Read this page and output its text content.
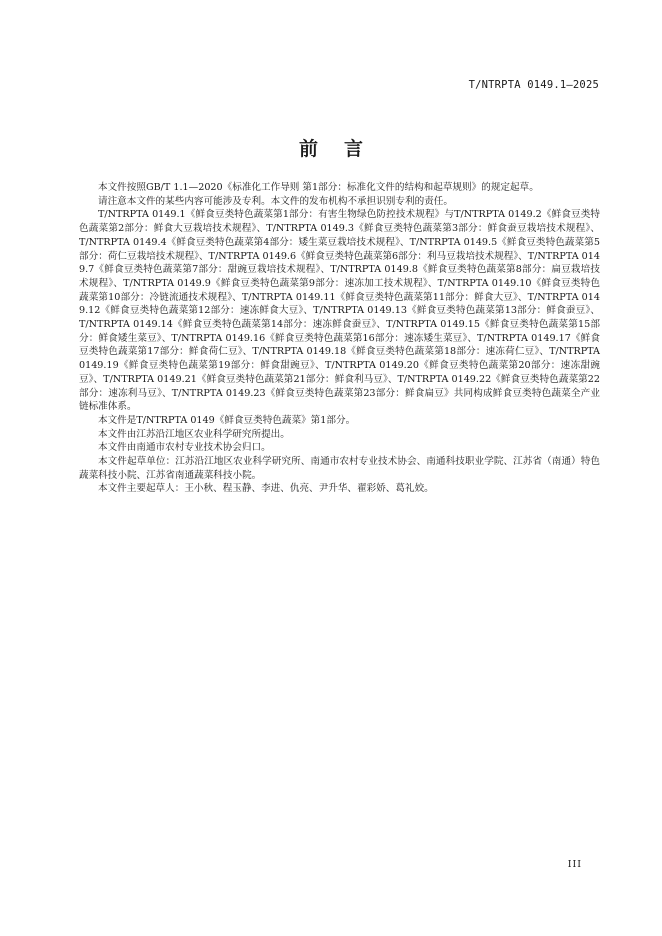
T/NTRPTA 0149.1—2025
前言

本文件按照GB/T 1.1—2020《标准化工作导则 第1部分：标准化文件的结构和起草规则》的规定起草。

请注意本文件的某些内容可能涉及专利。本文件的发布机构不承担识别专利的责任。

T/NTRPTA 0149.1《鲜食豆类特色蔬菜第1部分：有害生物绿色防控技术规程》与T/NTRPTA 0149.2《鲜食豆类特色蔬菜第2部分：鲜食大豆栽培技术规程》、T/NTRPTA 0149.3《鲜食豆类特色蔬菜第3部分：鲜食蚕豆栽培技术规程》、T/NTRPTA 0149.4《鲜食豆类特色蔬菜第4部分：矮生菜豆栽培技术规程》、T/NTRPTA 0149.5《鲜食豆类特色蔬菜第5部分：荷仁豆栽培技术规程》、T/NTRPTA 0149.6《鲜食豆类特色蔬菜第6部分：利马豆栽培技术规程》、T/NTRPTA 0149.7《鲜食豆类特色蔬菜第7部分：甜豌豆栽培技术规程》、T/NTRPTA 0149.8《鲜食豆类特色蔬菜第8部分：扁豆栽培技术规程》、T/NTRPTA 0149.9《鲜食豆类特色蔬菜第9部分：速冻加工技术规程》、T/NTRPTA 0149.10《鲜食豆类特色蔬菜第10部分：冷链流通技术规程》、T/NTRPTA 0149.11《鲜食豆类特色蔬菜第11部分：鲜食大豆》、T/NTRPTA 0149.12《鲜食豆类特色蔬菜第12部分：速冻鲜食大豆》、T/NTRPTA 0149.13《鲜食豆类特色蔬菜第13部分：鲜食蚕豆》、T/NTRPTA 0149.14《鲜食豆类特色蔬菜第14部分：速冻鲜食蚕豆》、T/NTRPTA 0149.15《鲜食豆类特色蔬菜第15部分：鲜食矮生菜豆》、T/NTRPTA 0149.16《鲜食豆类特色蔬菜第16部分：速冻矮生菜豆》、T/NTRPTA 0149.17《鲜食豆类特色蔬菜第17部分：鲜食荷仁豆》、T/NTRPTA 0149.18《鲜食豆类特色蔬菜第18部分：速冻荷仁豆》、T/NTRPTA 0149.19《鲜食豆类特色蔬菜第19部分：鲜食甜豌豆》、T/NTRPTA 0149.20《鲜食豆类特色蔬菜第20部分：速冻甜豌豆》、T/NTRPTA 0149.21《鲜食豆类特色蔬菜第21部分：鲜食利马豆》、T/NTRPTA 0149.22《鲜食豆类特色蔬菜第22部分：速冻利马豆》、T/NTRPTA 0149.23《鲜食豆类特色蔬菜第23部分：鲜食扁豆》共同构成鲜食豆类特色蔬菜全产业链标准体系。

本文件是T/NTRPTA 0149《鲜食豆类特色蔬菜》第1部分。

本文件由江苏沿江地区农业科学研究所提出。

本文件由南通市农村专业技术协会归口。

本文件起草单位：江苏沿江地区农业科学研究所、南通市农村专业技术协会、南通科技职业学院、江苏省（南通）特色蔬菜科技小院、江苏省南通蔬菜科技小院。

本文件主要起草人：王小秋、程玉静、李进、仇亮、尹升华、翟彩娇、葛礼姣。

III
